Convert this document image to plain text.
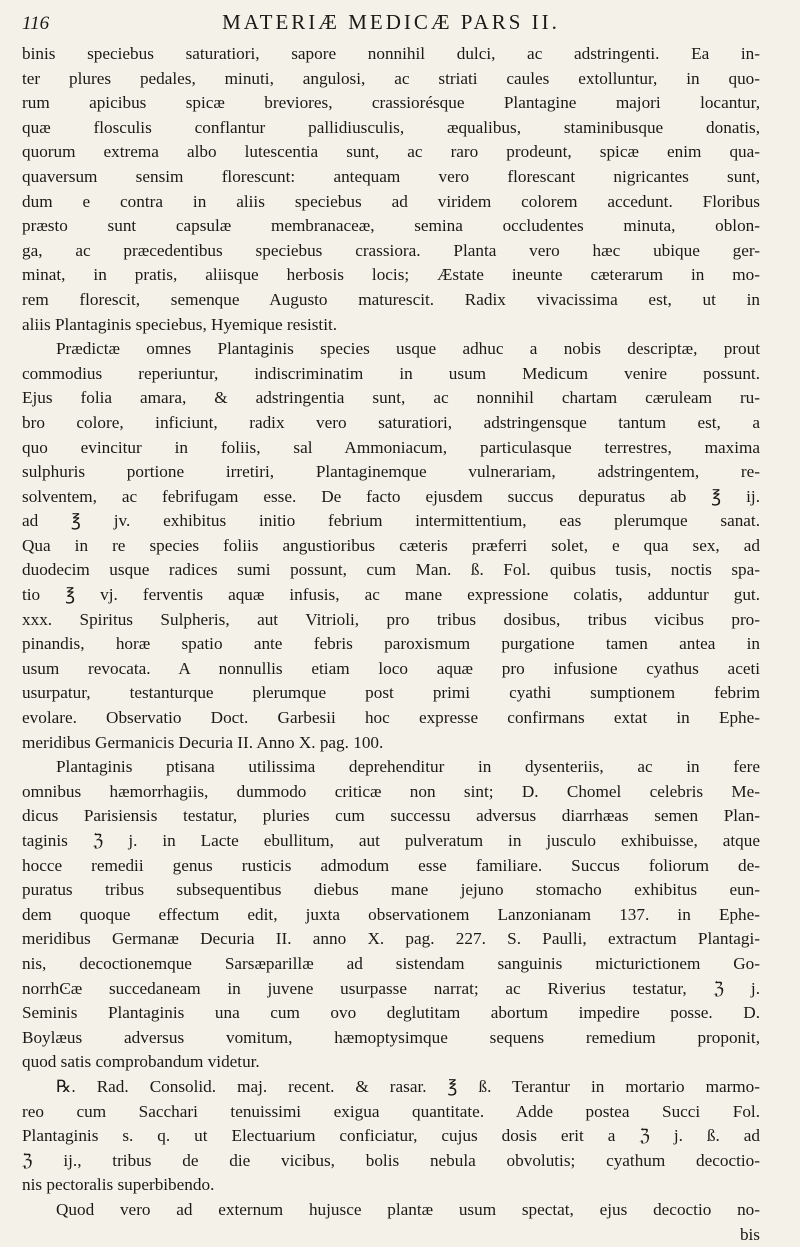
116	MATERIÆ MEDICÆ PARS II.
binis speciebus saturatiori, sapore nonnihil dulci, ac adstringenti. Ea in-
ter plures pedales, minuti, angulosi, ac striati caules extolluntur, in quo-
rum apicibus spicæ breviores, crassiorésque Plantagine majori locantur,
quæ flosculis conflantur pallidiusculis, æqualibus, staminibusque donatis,
quorum extrema albo lutescentia sunt, ac raro prodeunt, spicæ enim qua-
quaversum sensim florescunt: antequam vero florescant nigricantes sunt,
dum e contra in aliis speciebus ad viridem colorem accedunt. Floribus
præsto sunt capsulæ membranaceæ, semina occludentes minuta, oblon-
ga, ac præcedentibus speciebus crassiora. Planta vero hæc ubique ger-
minat, in pratis, aliisque herbosis locis; Æstate ineunte cæterarum in mo-
rem florescit, semenque Augusto maturescit. Radix vivacissima est, ut in
aliis Plantaginis speciebus, Hyemique resistit.
Prædictæ omnes Plantaginis species usque adhuc a nobis descriptæ, prout
commodius reperiuntur, indiscriminatim in usum Medicum venire possunt.
Ejus folia amara, & adstringentia sunt, ac nonnihil chartam cæruleam ru-
bro colore, inficiunt, radix vero saturatiori, adstringensque tantum est, a
quo evincitur in foliis, sal Ammoniacum, particulasque terrestres, maxima
sulphuris portione irretiri, Plantaginemque vulnerariam, adstringentem, re-
solventem, ac febrifugam esse. De facto ejusdem succus depuratus ab ℥ ij.
ad ℥ jv. exhibitus initio febrium intermittentium, eas plerumque sanat.
Qua in re species foliis angustioribus cæteris præferri solet, e qua sex, ad
duodecim usque radices sumi possunt, cum Man. ß. Fol. quibus tusis, noctis spa-
tio ℥ vj. ferventis aquæ infusis, ac mane expressione colatis, adduntur gut.
xxx. Spiritus Sulpheris, aut Vitrioli, pro tribus dosibus, tribus vicibus pro-
pinandis, horæ spatio ante febris paroxismum purgatione tamen antea in
usum revocata. A nonnullis etiam loco aquæ pro infusione cyathus aceti
usurpatur, testanturque plerumque post primi cyathi sumptionem febrim
evolare. Observatio Doct. Garbesii hoc expresse confirmans extat in Ephe-
meridibus Germanicis Decuria II. Anno X. pag. 100.
Plantaginis ptisana utilissima deprehenditur in dysenteriis, ac in fere
omnibus hæmorrhagiis, dummodo criticæ non sint; D. Chomel celebris Me-
dicus Parisiensis testatur, pluries cum successu adversus diarrhæas semen Plan-
taginis ℨ j. in Lacte ebullitum, aut pulveratum in jusculo exhibuisse, atque
hocce remedii genus rusticis admodum esse familiare. Succus foliorum de-
puratus tribus subsequentibus diebus mane jejuno stomacho exhibitus eun-
dem quoque effectum edit, juxta observationem Lanzonianam 137. in Ephe-
meridibus Germanæ Decuria II. anno X. pag. 227. S. Paulli, extractum Plantagi-
nis, decoctionemque Sarsæparillæ ad sistendam sanguinis micturictionem Go-
norrhϾæ succedaneam in juvene usurpasse narrat; ac Riverius testatur, ℨ j.
Seminis Plantaginis una cum ovo deglutitam abortum impedire posse. D.
Boylæus adversus vomitum, hæmoptysimque sequens remedium proponit,
quod satis comprobandum videtur.
℞. Rad. Consolid. maj. recent. & rasar. ℥ ß. Terantur in mortario marmo-
reo cum Sacchari tenuissimi exigua quantitate. Adde postea Succi Fol.
Plantaginis s. q. ut Electuarium conficiatur, cujus dosis erit a ℨ j. ß. ad
ℨ ij., tribus de die vicibus, bolis nebula obvolutis; cyathum decoctio-
nis pectoralis superbibendo.
Quod vero ad externum hujusce plantæ usum spectat, ejus decoctio no-
bis
